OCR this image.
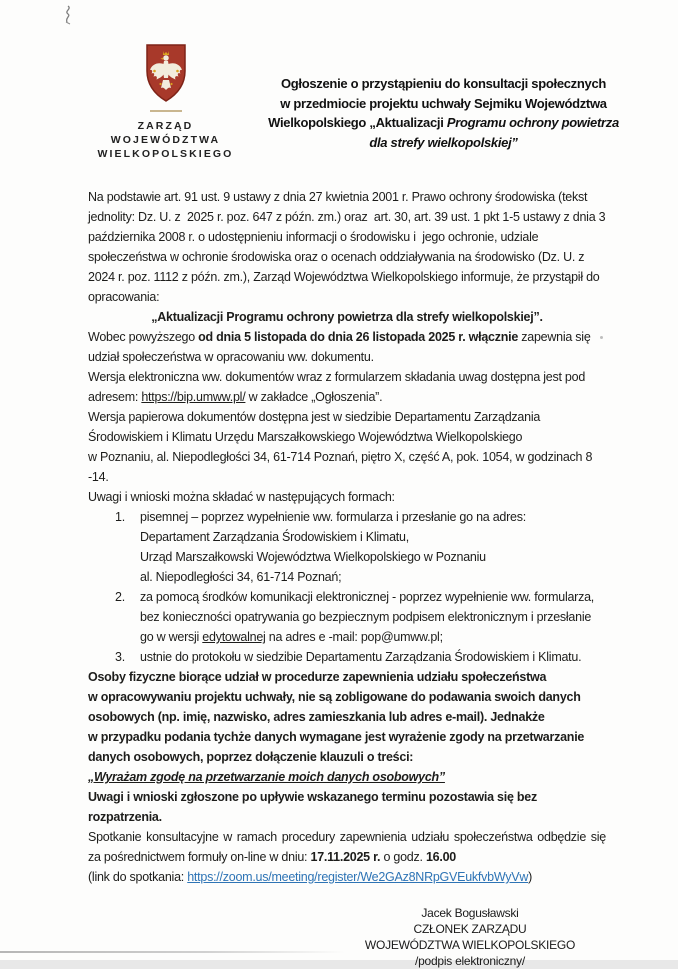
ZARZĄD
WOJEWÓDZTWA
WIELKOPOLSKIEGO
Ogłoszenie o przystąpieniu do konsultacji społecznych
w przedmiocie projektu uchwały Sejmiku Województwa
Wielkopolskiego „Aktualizacji Programu ochrony powietrza
dla strefy wielkopolskiej”

Na podstawie art. 91 ust. 9 ustawy z dnia 27 kwietnia 2001 r. Prawo ochrony środowiska (tekst jednolity: Dz. U. z  2025 r. poz. 647 z późn. zm.) oraz  art. 30, art. 39 ust. 1 pkt 1-5 ustawy z dnia 3 października 2008 r. o udostępnieniu informacji o środowisku i  jego ochronie, udziale społeczeństwa w ochronie środowiska oraz o ocenach oddziaływania na środowisko (Dz. U. z 2024 r. poz. 1112 z późn. zm.), Zarząd Województwa Wielkopolskiego informuje, że przystąpił do opracowania:

„Aktualizacji Programu ochrony powietrza dla strefy wielkopolskiej”.

Wobec powyższego od dnia 5 listopada do dnia 26 listopada 2025 r. włącznie zapewnia się udział społeczeństwa w opracowaniu ww. dokumentu.

Wersja elektroniczna ww. dokumentów wraz z formularzem składania uwag dostępna jest pod adresem: https://bip.umww.pl/ w zakładce „Ogłoszenia”.

Wersja papierowa dokumentów dostępna jest w siedzibie Departamentu Zarządzania Środowiskiem i Klimatu Urzędu Marszałkowskiego Województwa Wielkopolskiego
w Poznaniu, al. Niepodległości 34, 61-714 Poznań, piętro X, część A, pok. 1054, w godzinach 8 -14.

Uwagi i wnioski można składać w następujących formach:

1.	pisemnej – poprzez wypełnienie ww. formularza i przesłanie go na adres:
Departament Zarządzania Środowiskiem i Klimatu,
Urząd Marszałkowski Województwa Wielkopolskiego w Poznaniu
al. Niepodległości 34, 61-714 Poznań;
2.	za pomocą środków komunikacji elektronicznej - poprzez wypełnienie ww. formularza, bez konieczności opatrywania go bezpiecznym podpisem elektronicznym i przesłanie go w wersji edytowalnej na adres e -mail: pop@umww.pl;
3.	ustnie do protokołu w siedzibie Departamentu Zarządzania Środowiskiem i Klimatu.

Osoby fizyczne biorące udział w procedurze zapewnienia udziału społeczeństwa
w opracowywaniu projektu uchwały, nie są zobligowane do podawania swoich danych osobowych (np. imię, nazwisko, adres zamieszkania lub adres e-mail). Jednakże
w przypadku podania tychże danych wymagane jest wyrażenie zgody na przetwarzanie danych osobowych, poprzez dołączenie klauzuli o treści:

„Wyrażam zgodę na przetwarzanie moich danych osobowych”

Uwagi i wnioski zgłoszone po upływie wskazanego terminu pozostawia się bez rozpatrzenia.

Spotkanie konsultacyjne w ramach procedury zapewnienia udziału społeczeństwa odbędzie się za pośrednictwem formuły on-line w dniu: 17.11.2025 r. o godz. 16.00

(link do spotkania: https://zoom.us/meeting/register/We2GAz8NRpGVEukfvbWyVw)

Jacek Bogusławski
CZŁONEK ZARZĄDU
WOJEWÓDZTWA WIELKOPOLSKIEGO
/podpis elektroniczny/
